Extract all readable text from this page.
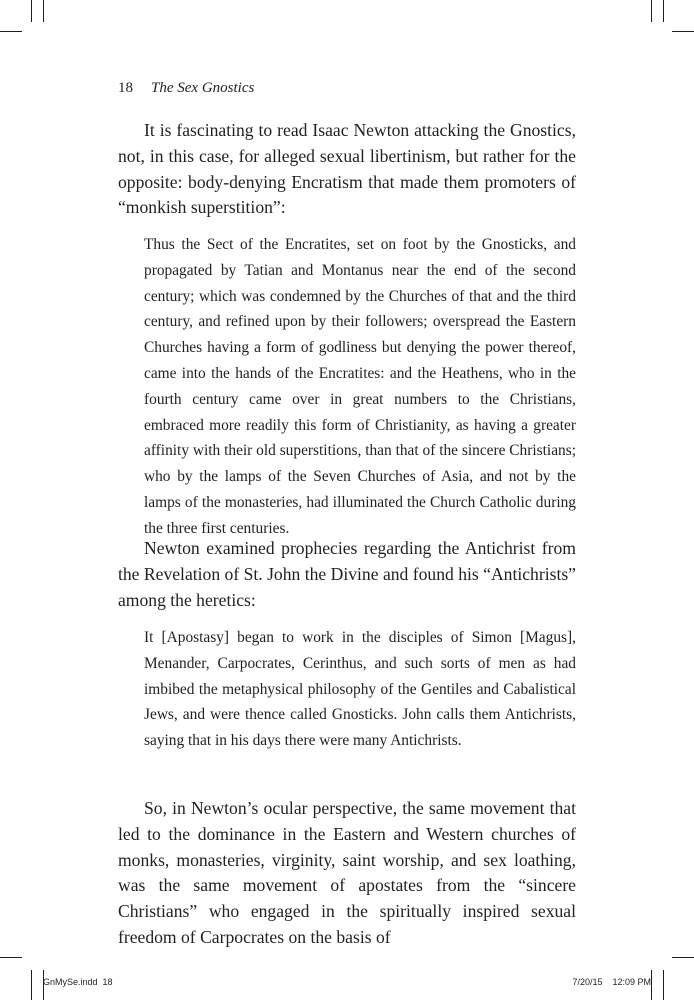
18 The Sex Gnostics

It is fascinating to read Isaac Newton attacking the Gnostics, not, in this case, for alleged sexual libertinism, but rather for the opposite: body-denying Encratism that made them promoters of “monkish superstition”:

Thus the Sect of the Encratites, set on foot by the Gnosticks, and propagated by Tatian and Montanus near the end of the second century; which was condemned by the Churches of that and the third century, and refined upon by their followers; overspread the Eastern Churches having a form of godliness but denying the power thereof, came into the hands of the Encratites: and the Heathens, who in the fourth century came over in great numbers to the Christians, embraced more readily this form of Christianity, as having a greater affinity with their old superstitions, than that of the sincere Christians; who by the lamps of the Seven Churches of Asia, and not by the lamps of the monasteries, had illuminated the Church Catholic during the three first centuries.

Newton examined prophecies regarding the Antichrist from the Revelation of St. John the Divine and found his “Antichrists” among the heretics:

It [Apostasy] began to work in the disciples of Simon [Magus], Menander, Carpocrates, Cerinthus, and such sorts of men as had imbibed the metaphysical philosophy of the Gentiles and Cabalistical Jews, and were thence called Gnosticks. John calls them Antichrists, saying that in his days there were many Antichrists.

So, in Newton’s ocular perspective, the same movement that led to the dominance in the Eastern and Western churches of monks, monasteries, virginity, saint worship, and sex loathing, was the same movement of apostates from the “sincere Christians” who engaged in the spiritually inspired sexual freedom of Carpocrates on the basis of

GnMySe.indd 18	7/20/15 12:09 PM
